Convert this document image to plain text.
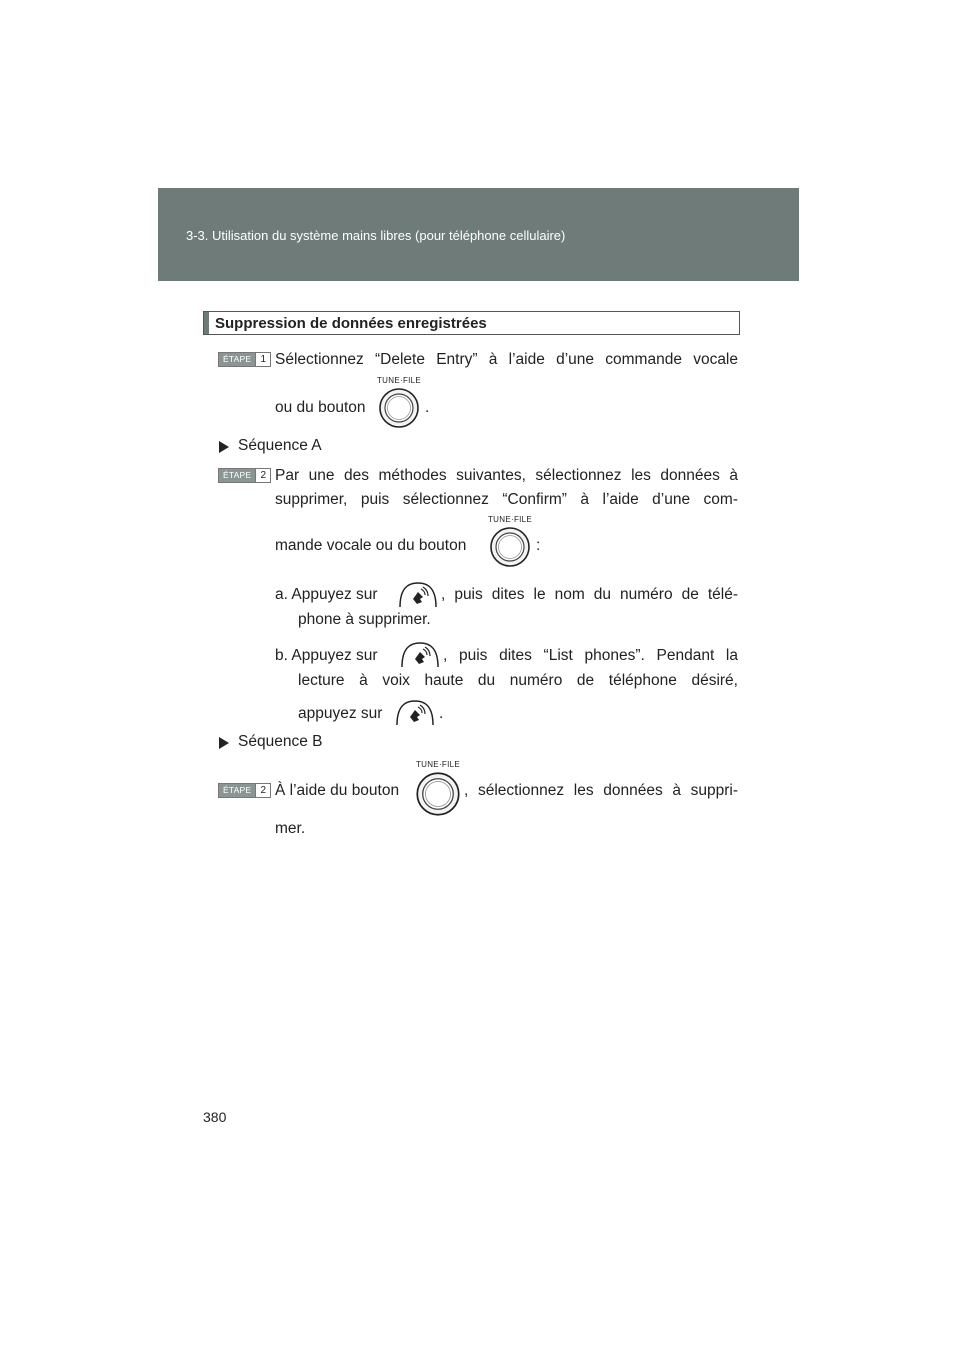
3-3. Utilisation du système mains libres (pour téléphone cellulaire)
Suppression de données enregistrées
ÉTAPE 1 Sélectionnez “Delete Entry” à l’aide d’une commande vocale
ou du bouton
TUNE·FILE
.
Séquence A
ÉTAPE 2 Par une des méthodes suivantes, sélectionnez les données à
supprimer, puis sélectionnez “Confirm” à l’aide d’une com-
mande vocale ou du bouton
TUNE·FILE
:
a. Appuyez sur	, puis dites le nom du numéro de télé-
phone à supprimer.
b. Appuyez sur	, puis dites “List phones”. Pendant la
lecture à voix haute du numéro de téléphone désiré,
appuyez sur	.
Séquence B
ÉTAPE 2 À l’aide du bouton
TUNE·FILE
, sélectionnez les données à suppri-
mer.
380
